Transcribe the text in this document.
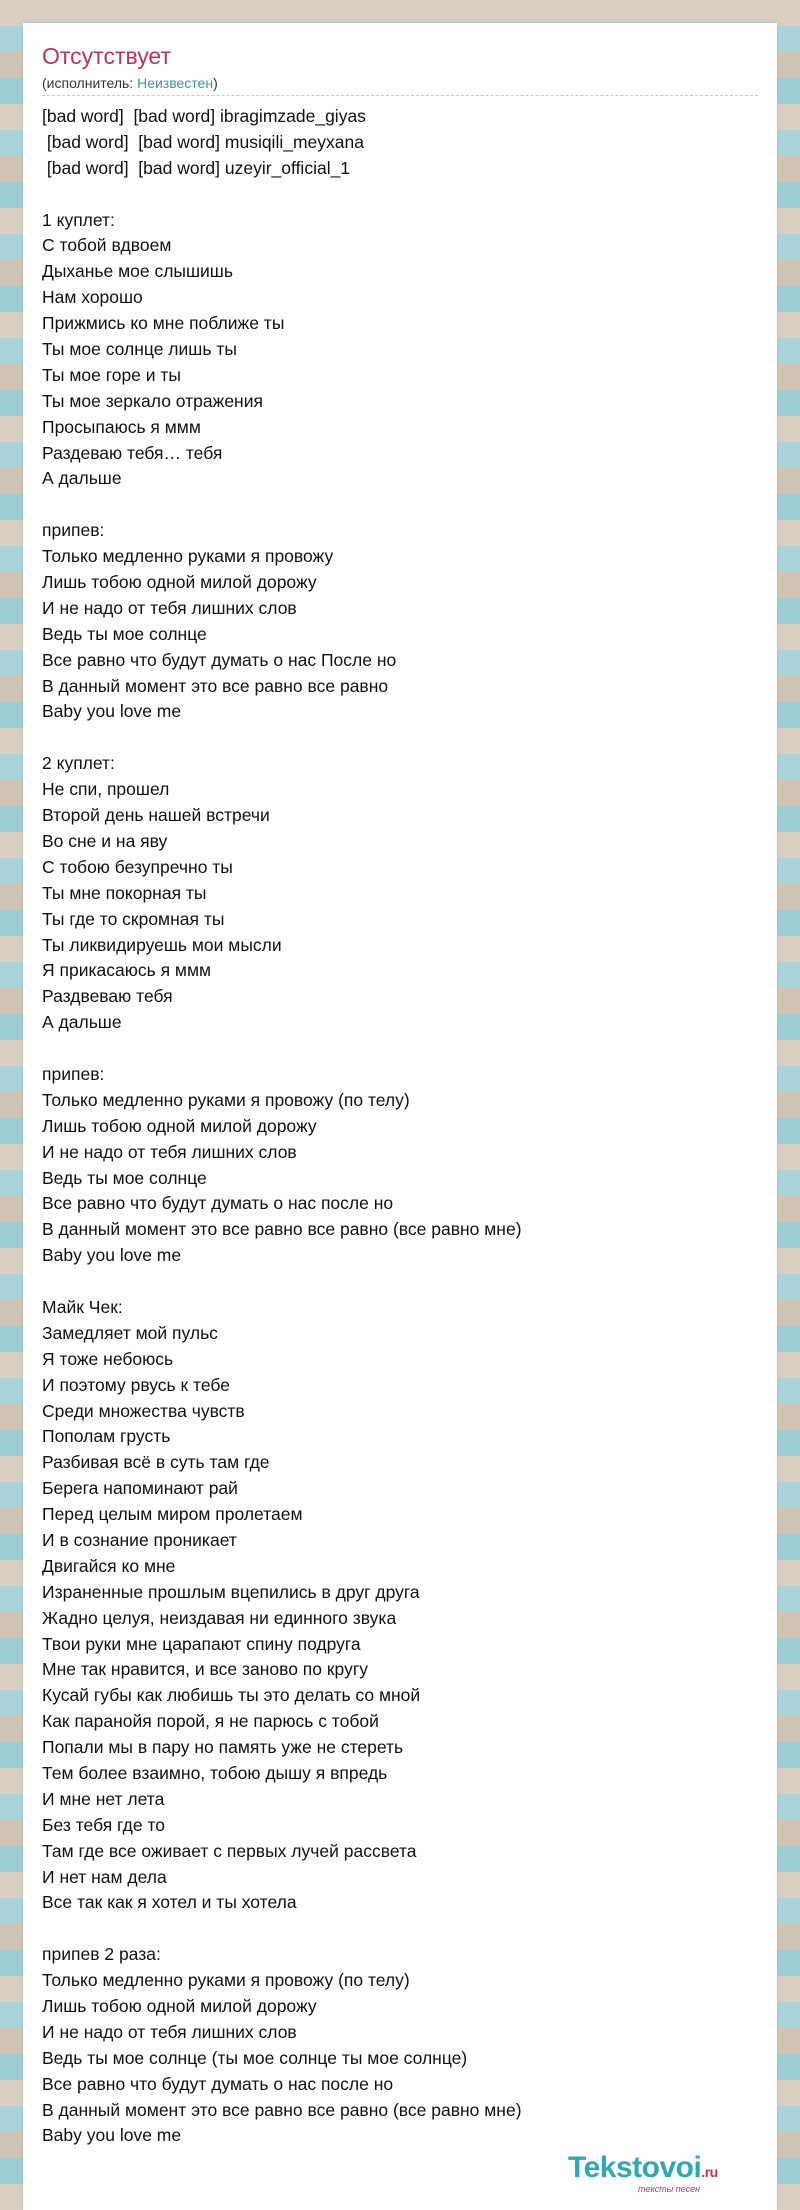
Отсутствует
(исполнитель: Неизвестен)
[bad word]  [bad word] ibragimzade_giyas
[bad word]  [bad word] musiqili_meyxana
[bad word]  [bad word] uzeyir_official_1
1 куплет:
С тобой вдвоем
Дыханье мое слышишь
Нам хорошо
Прижмись ко мне поближе ты
Ты мое солнце лишь ты
Ты мое горе и ты
Ты мое зеркало отражения
Просыпаюсь я ммм
Раздеваю тебя… тебя
А дальше
припев:
Только медленно руками я провожу
Лишь тобою одной милой дорожу
И не надо от тебя лишних слов
Ведь ты мое солнце
Все равно что будут думать о нас После но
В данный момент это все равно все равно
Baby you love me
2 куплет:
Не спи, прошел
Второй день нашей встречи
Во сне и на яву
С тобою безупречно ты
Ты мне покорная ты
Ты где то скромная ты
Ты ликвидируешь мои мысли
Я прикасаюсь я ммм
Раздвеваю тебя
А дальше
припев:
Только медленно руками я провожу (по телу)
Лишь тобою одной милой дорожу
И не надо от тебя лишних слов
Ведь ты мое солнце
Все равно что будут думать о нас после но
В данный момент это все равно все равно (все равно мне)
Baby you love me
Майк Чек:
Замедляет мой пульс
Я тоже небоюсь
И поэтому рвусь к тебе
Среди множества чувств
Пополам грусть
Разбивая всё в суть там где
Берега напоминают рай
Перед целым миром пролетаем
И в сознание проникает
Двигайся ко мне
Израненные прошлым вцепились в друг друга
Жадно целуя, неиздавая ни единного звука
Твои руки мне царапают спину подруга
Мне так нравится, и все заново по кругу
Кусай губы как любишь ты это делать со мной
Как паранойя порой, я не парюсь с тобой
Попали мы в пару но память уже не стереть
Тем более взаимно, тобою дышу я впредь
И мне нет лета
Без тебя где то
Там где все оживает с первых лучей рассвета
И нет нам дела
Все так как я хотел и ты хотела
припев 2 раза:
Только медленно руками я провожу (по телу)
Лишь тобою одной милой дорожу
И не надо от тебя лишних слов
Ведь ты мое солнце (ты мое солнце ты мое солнце)
Все равно что будут думать о нас после но
В данный момент это все равно все равно (все равно мне)
Baby you love me
Tekstovoi.ru
тексты песен
